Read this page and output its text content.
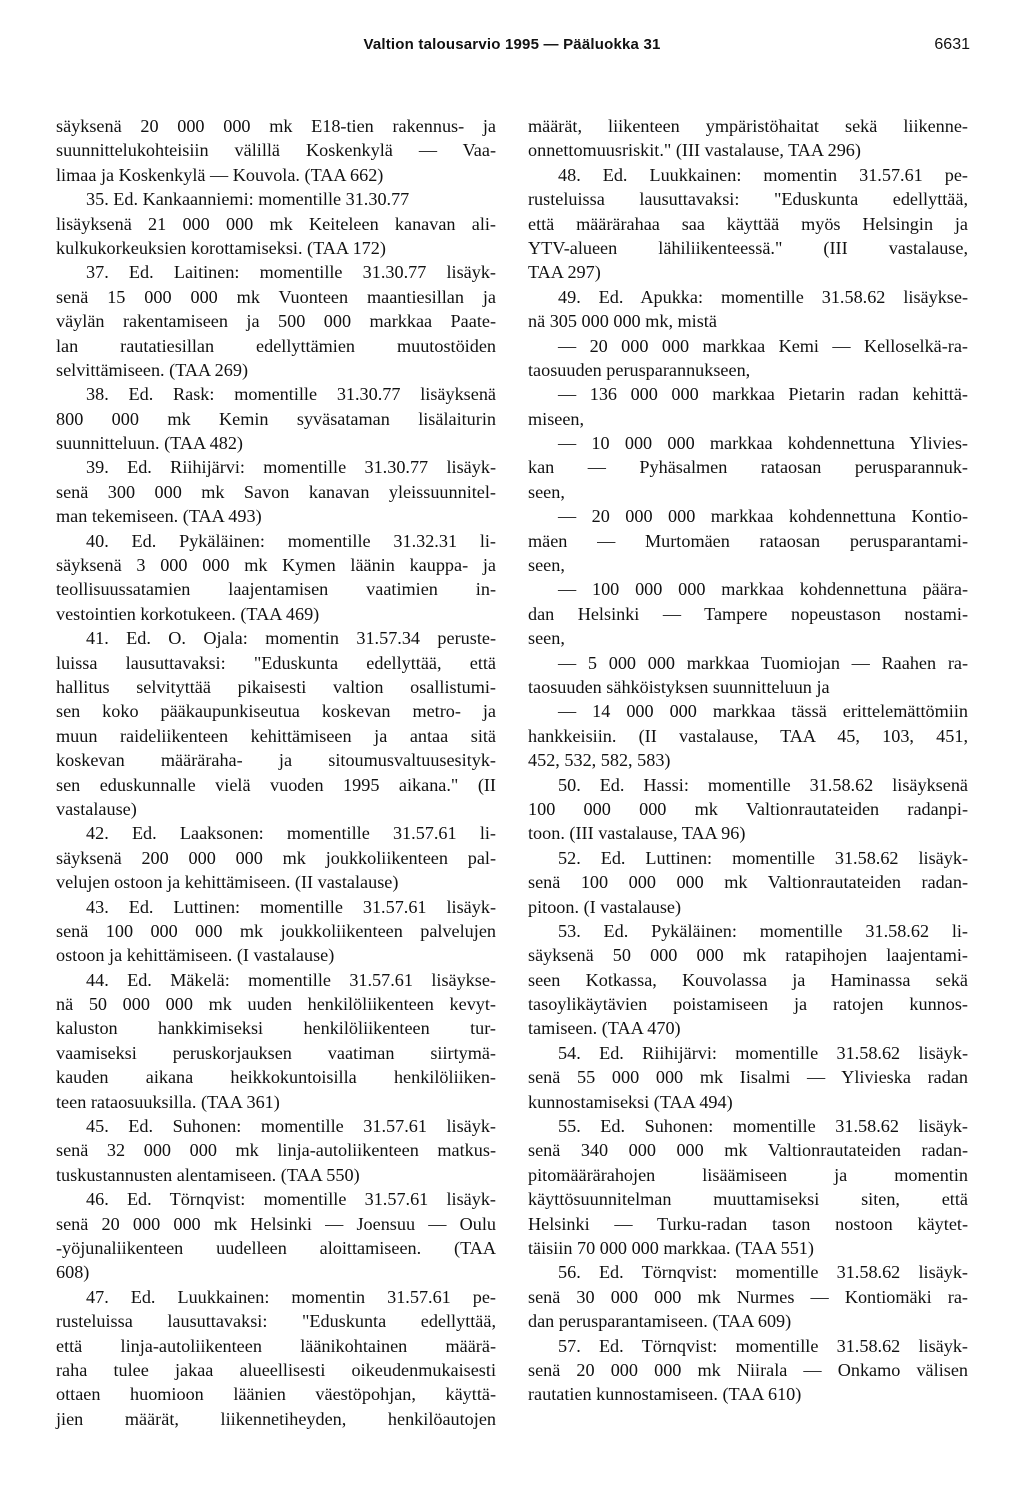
Valtion talousarvio 1995 — Pääluokka 31	6631
säyksenä 20 000 000 mk E18-tien rakennus- ja
suunnittelukohteisiin välillä Koskenkylä — Vaa-
limaa ja Koskenkylä — Kouvola. (TAA 662)
35. Ed. Kankaanniemi: momentille 31.30.77
lisäyksenä 21 000 000 mk Keiteleen kanavan ali-
kulkukorkeuksien korottamiseksi. (TAA 172)
37. Ed. Laitinen: momentille 31.30.77 lisäyk-
senä 15 000 000 mk Vuonteen maantiesillan ja
väylän rakentamiseen ja 500 000 markkaa Paate-
lan rautatiesillan edellyttämien muutostöiden
selvittämiseen. (TAA 269)
38. Ed. Rask: momentille 31.30.77 lisäyksenä
800 000 mk Kemin syväsataman lisälaiturin
suunnitteluun. (TAA 482)
39. Ed. Riihijärvi: momentille 31.30.77 lisäyk-
senä 300 000 mk Savon kanavan yleissuunnitel-
man tekemiseen. (TAA 493)
40. Ed. Pykäläinen: momentille 31.32.31 li-
säyksenä 3 000 000 mk Kymen läänin kauppa- ja
teollisuussatamien laajentamisen vaatimien in-
vestointien korkotukeen. (TAA 469)
41. Ed. O. Ojala: momentin 31.57.34 peruste-
luissa lausuttavaksi: "Eduskunta edellyttää, että
hallitus selvityttää pikaisesti valtion osallistumi-
sen koko pääkaupunkiseutua koskevan metro- ja
muun raideliikenteen kehittämiseen ja antaa sitä
koskevan määräraha- ja sitoumusvaltuusesityk-
sen eduskunnalle vielä vuoden 1995 aikana." (II
vastalause)
42. Ed. Laaksonen: momentille 31.57.61 li-
säyksenä 200 000 000 mk joukkoliikenteen pal-
velujen ostoon ja kehittämiseen. (II vastalause)
43. Ed. Luttinen: momentille 31.57.61 lisäyk-
senä 100 000 000 mk joukkoliikenteen palvelujen
ostoon ja kehittämiseen. (I vastalause)
44. Ed. Mäkelä: momentille 31.57.61 lisäykse-
nä 50 000 000 mk uuden henkilöliikenteen kevyt-
kaluston hankkimiseksi henkilöliikenteen tur-
vaamiseksi peruskorjauksen vaatiman siirtymä-
kauden aikana heikkokuntoisilla henkilöliiken-
teen rataosuuksilla. (TAA 361)
45. Ed. Suhonen: momentille 31.57.61 lisäyk-
senä 32 000 000 mk linja-autoliikenteen matkus-
tuskustannusten alentamiseen. (TAA 550)
46. Ed. Törnqvist: momentille 31.57.61 lisäyk-
senä 20 000 000 mk Helsinki — Joensuu — Oulu
-yöjunaliikenteen uudelleen aloittamiseen. (TAA
608)
47. Ed. Luukkainen: momentin 31.57.61 pe-
rusteluissa lausuttavaksi: "Eduskunta edellyttää,
että linja-autoliikenteen läänikohtainen määrä-
raha tulee jakaa alueellisesti oikeudenmukaisesti
ottaen huomioon läänien väestöpohjan, käyttä-
jien määrät, liikennetiheyden, henkilöautojen
määrät, liikenteen ympäristöhaitat sekä liikenne-
onnettomuusriskit." (III vastalause, TAA 296)
48. Ed. Luukkainen: momentin 31.57.61 pe-
rusteluissa lausuttavaksi: "Eduskunta edellyttää,
että määrärahaa saa käyttää myös Helsingin ja
YTV-alueen lähiliikenteessä." (III vastalause,
TAA 297)
49. Ed. Apukka: momentille 31.58.62 lisäykse-
nä 305 000 000 mk, mistä
— 20 000 000 markkaa Kemi — Kelloselkä-ra-
taosuuden perusparannukseen,
— 136 000 000 markkaa Pietarin radan kehittä-
miseen,
— 10 000 000 markkaa kohdennettuna Ylivies-
kan — Pyhäsalmen rataosan perusparannuk-
seen,
— 20 000 000 markkaa kohdennettuna Kontio-
mäen — Murtomäen rataosan perusparantami-
seen,
— 100 000 000 markkaa kohdennettuna päära-
dan Helsinki — Tampere nopeustason nostami-
seen,
— 5 000 000 markkaa Tuomiojan — Raahen ra-
taosuuden sähköistyksen suunnitteluun ja
— 14 000 000 markkaa tässä erittelemättömiin
hankkeisiin. (II vastalause, TAA 45, 103, 451,
452, 532, 582, 583)
50. Ed. Hassi: momentille 31.58.62 lisäyksenä
100 000 000 mk Valtionrautateiden radanpi-
toon. (III vastalause, TAA 96)
52. Ed. Luttinen: momentille 31.58.62 lisäyk-
senä 100 000 000 mk Valtionrautateiden radan-
pitoon. (I vastalause)
53. Ed. Pykäläinen: momentille 31.58.62 li-
säyksenä 50 000 000 mk ratapihojen laajentami-
seen Kotkassa, Kouvolassa ja Haminassa sekä
tasoylikäytävien poistamiseen ja ratojen kunnos-
tamiseen. (TAA 470)
54. Ed. Riihijärvi: momentille 31.58.62 lisäyk-
senä 55 000 000 mk Iisalmi — Ylivieska radan
kunnostamiseksi (TAA 494)
55. Ed. Suhonen: momentille 31.58.62 lisäyk-
senä 340 000 000 mk Valtionrautateiden radan-
pitomäärärahojen lisäämiseen ja momentin
käyttösuunnitelman muuttamiseksi siten, että
Helsinki — Turku-radan tason nostoon käytet-
täisiin 70 000 000 markkaa. (TAA 551)
56. Ed. Törnqvist: momentille 31.58.62 lisäyk-
senä 30 000 000 mk Nurmes — Kontiomäki ra-
dan perusparantamiseen. (TAA 609)
57. Ed. Törnqvist: momentille 31.58.62 lisäyk-
senä 20 000 000 mk Niirala — Onkamo välisen
rautatien kunnostamiseen. (TAA 610)
